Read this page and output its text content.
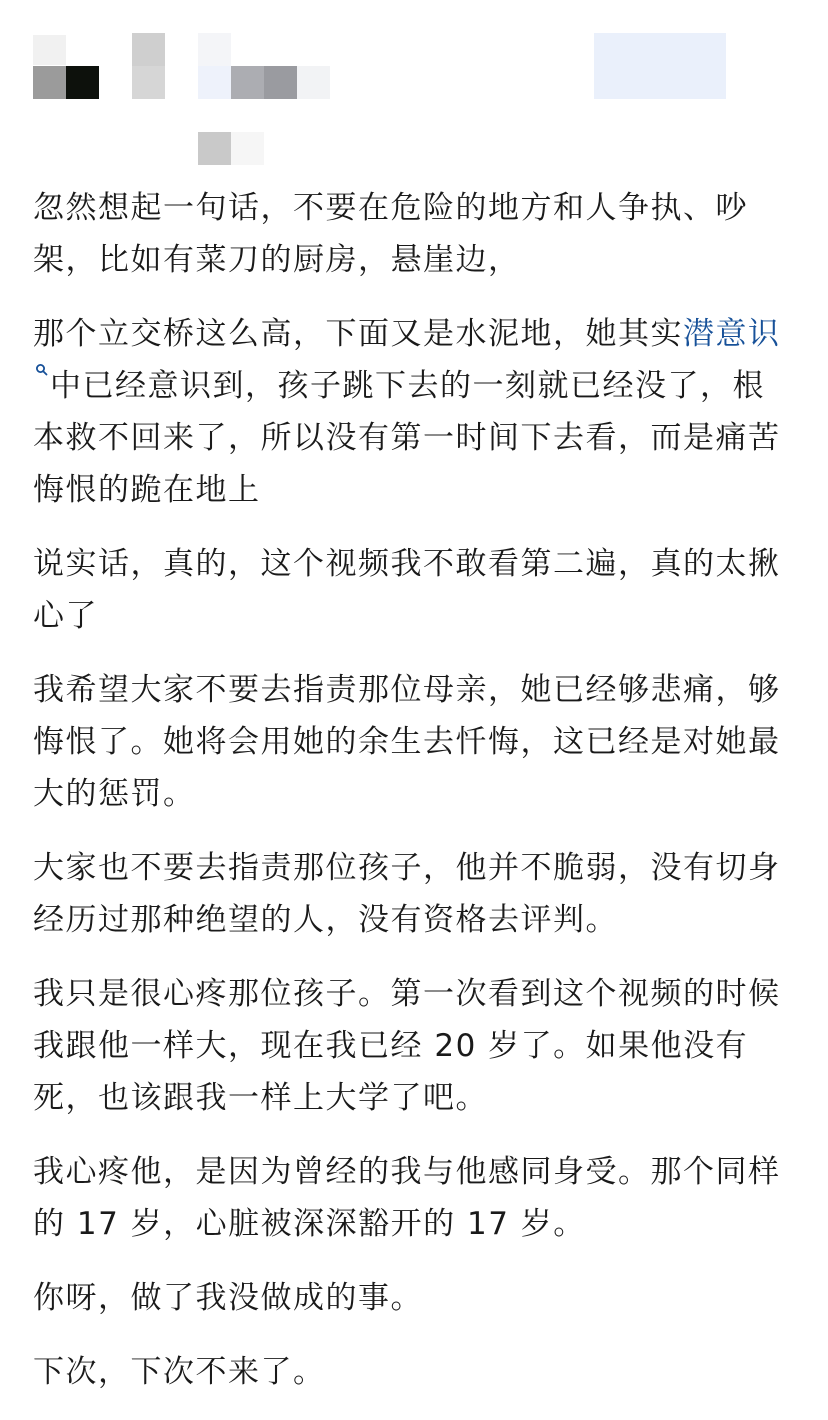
忽然想起一句话，不要在危险的地方和人争执、吵架，比如有菜刀的厨房，悬崖边，

那个立交桥这么高，下面又是水泥地，她其实潜意识中已经意识到，孩子跳下去的一刻就已经没了，根本救不回来了，所以没有第一时间下去看，而是痛苦悔恨的跪在地上

说实话，真的，这个视频我不敢看第二遍，真的太揪心了

我希望大家不要去指责那位母亲，她已经够悲痛，够悔恨了。她将会用她的余生去忏悔，这已经是对她最大的惩罚。

大家也不要去指责那位孩子，他并不脆弱，没有切身经历过那种绝望的人，没有资格去评判。

我只是很心疼那位孩子。第一次看到这个视频的时候我跟他一样大，现在我已经 20 岁了。如果他没有死，也该跟我一样上大学了吧。

我心疼他，是因为曾经的我与他感同身受。那个同样的 17 岁，心脏被深深豁开的 17 岁。

你呀，做了我没做成的事。

下次，下次不来了。
